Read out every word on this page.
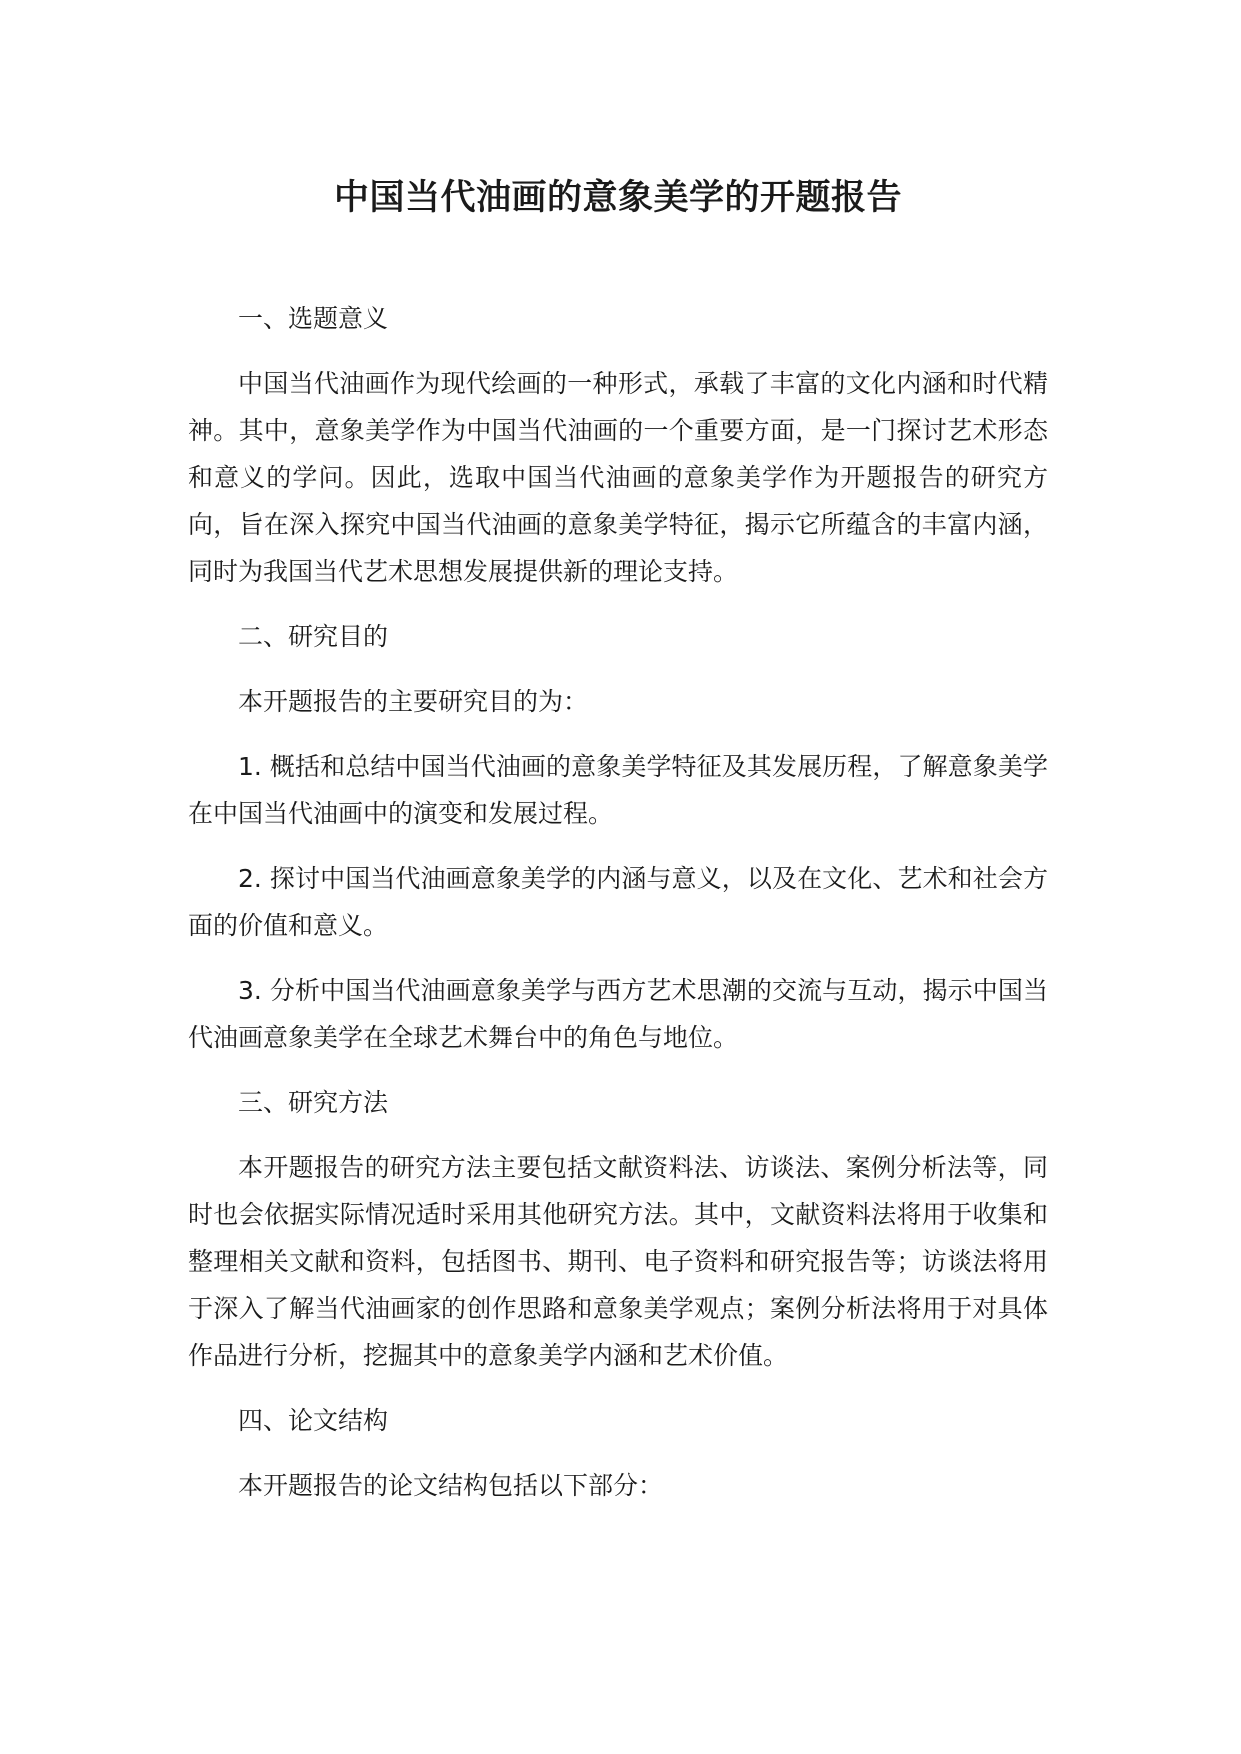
中国当代油画的意象美学的开题报告

一、选题意义

中国当代油画作为现代绘画的一种形式，承载了丰富的文化内涵和时代精神。其中，意象美学作为中国当代油画的一个重要方面，是一门探讨艺术形态和意义的学问。因此，选取中国当代油画的意象美学作为开题报告的研究方向，旨在深入探究中国当代油画的意象美学特征，揭示它所蕴含的丰富内涵，同时为我国当代艺术思想发展提供新的理论支持。

二、研究目的

本开题报告的主要研究目的为：

1. 概括和总结中国当代油画的意象美学特征及其发展历程，了解意象美学在中国当代油画中的演变和发展过程。

2. 探讨中国当代油画意象美学的内涵与意义，以及在文化、艺术和社会方面的价值和意义。

3. 分析中国当代油画意象美学与西方艺术思潮的交流与互动，揭示中国当代油画意象美学在全球艺术舞台中的角色与地位。

三、研究方法

本开题报告的研究方法主要包括文献资料法、访谈法、案例分析法等，同时也会依据实际情况适时采用其他研究方法。其中，文献资料法将用于收集和整理相关文献和资料，包括图书、期刊、电子资料和研究报告等；访谈法将用于深入了解当代油画家的创作思路和意象美学观点；案例分析法将用于对具体作品进行分析，挖掘其中的意象美学内涵和艺术价值。

四、论文结构

本开题报告的论文结构包括以下部分：
